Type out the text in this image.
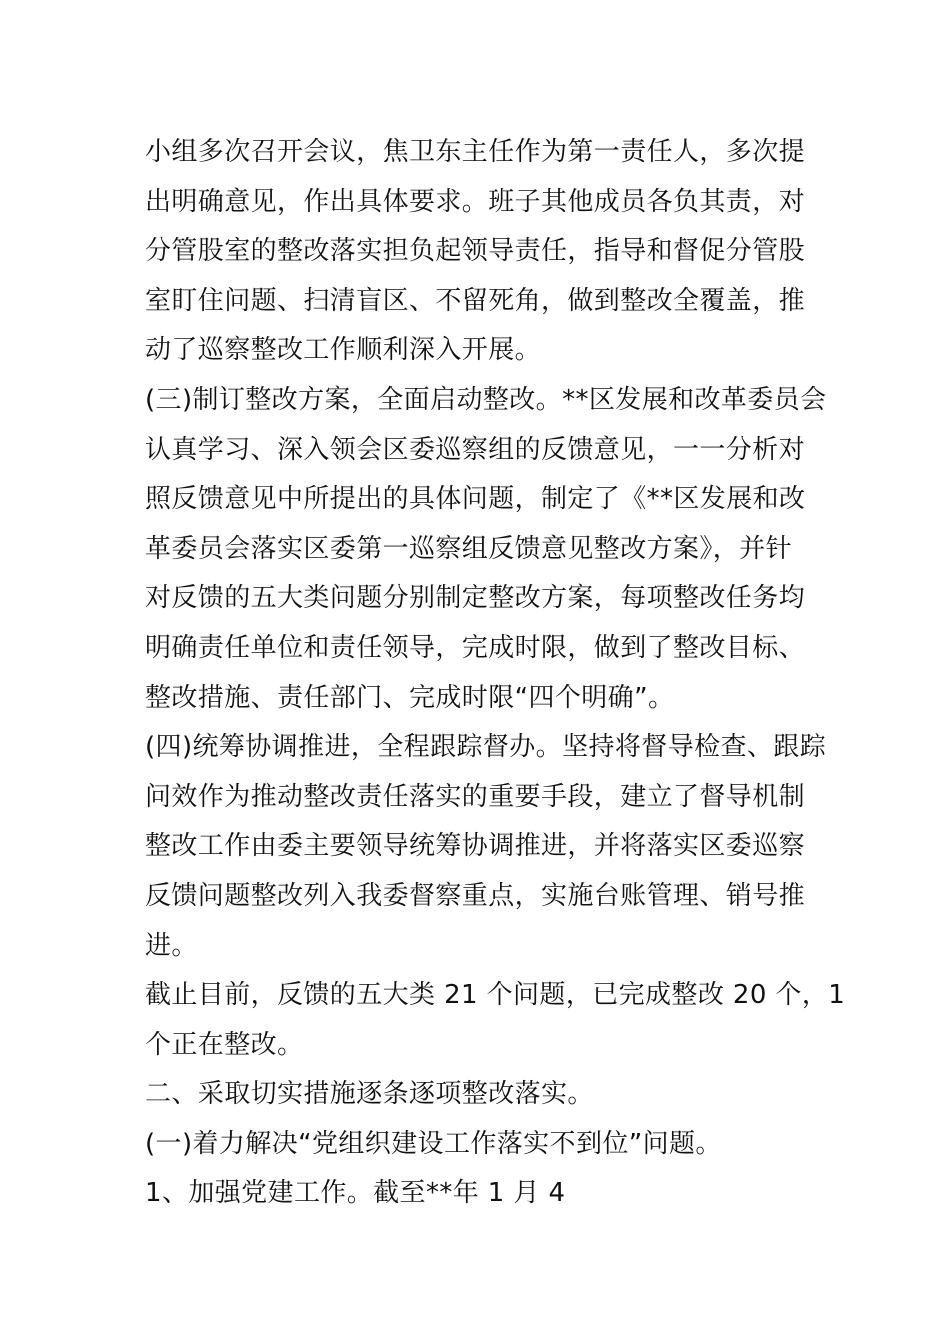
小组多次召开会议，焦卫东主任作为第一责任人，多次提
出明确意见，作出具体要求。班子其他成员各负其责，对
分管股室的整改落实担负起领导责任，指导和督促分管股
室盯住问题、扫清盲区、不留死角，做到整改全覆盖，推
动了巡察整改工作顺利深入开展。
(三)制订整改方案，全面启动整改。**区发展和改革委员会
认真学习、深入领会区委巡察组的反馈意见，一一分析对
照反馈意见中所提出的具体问题，制定了《**区发展和改
革委员会落实区委第一巡察组反馈意见整改方案》，并针
对反馈的五大类问题分别制定整改方案，每项整改任务均
明确责任单位和责任领导，完成时限，做到了整改目标、
整改措施、责任部门、完成时限“四个明确”。
(四)统筹协调推进，全程跟踪督办。坚持将督导检查、跟踪
问效作为推动整改责任落实的重要手段，建立了督导机制
整改工作由委主要领导统筹协调推进，并将落实区委巡察
反馈问题整改列入我委督察重点，实施台账管理、销号推
进。
截止目前，反馈的五大类 21 个问题，已完成整改 20 个，1
个正在整改。
二、采取切实措施逐条逐项整改落实。
(一)着力解决“党组织建设工作落实不到位”问题。
1、加强党建工作。截至**年 1 月 4
